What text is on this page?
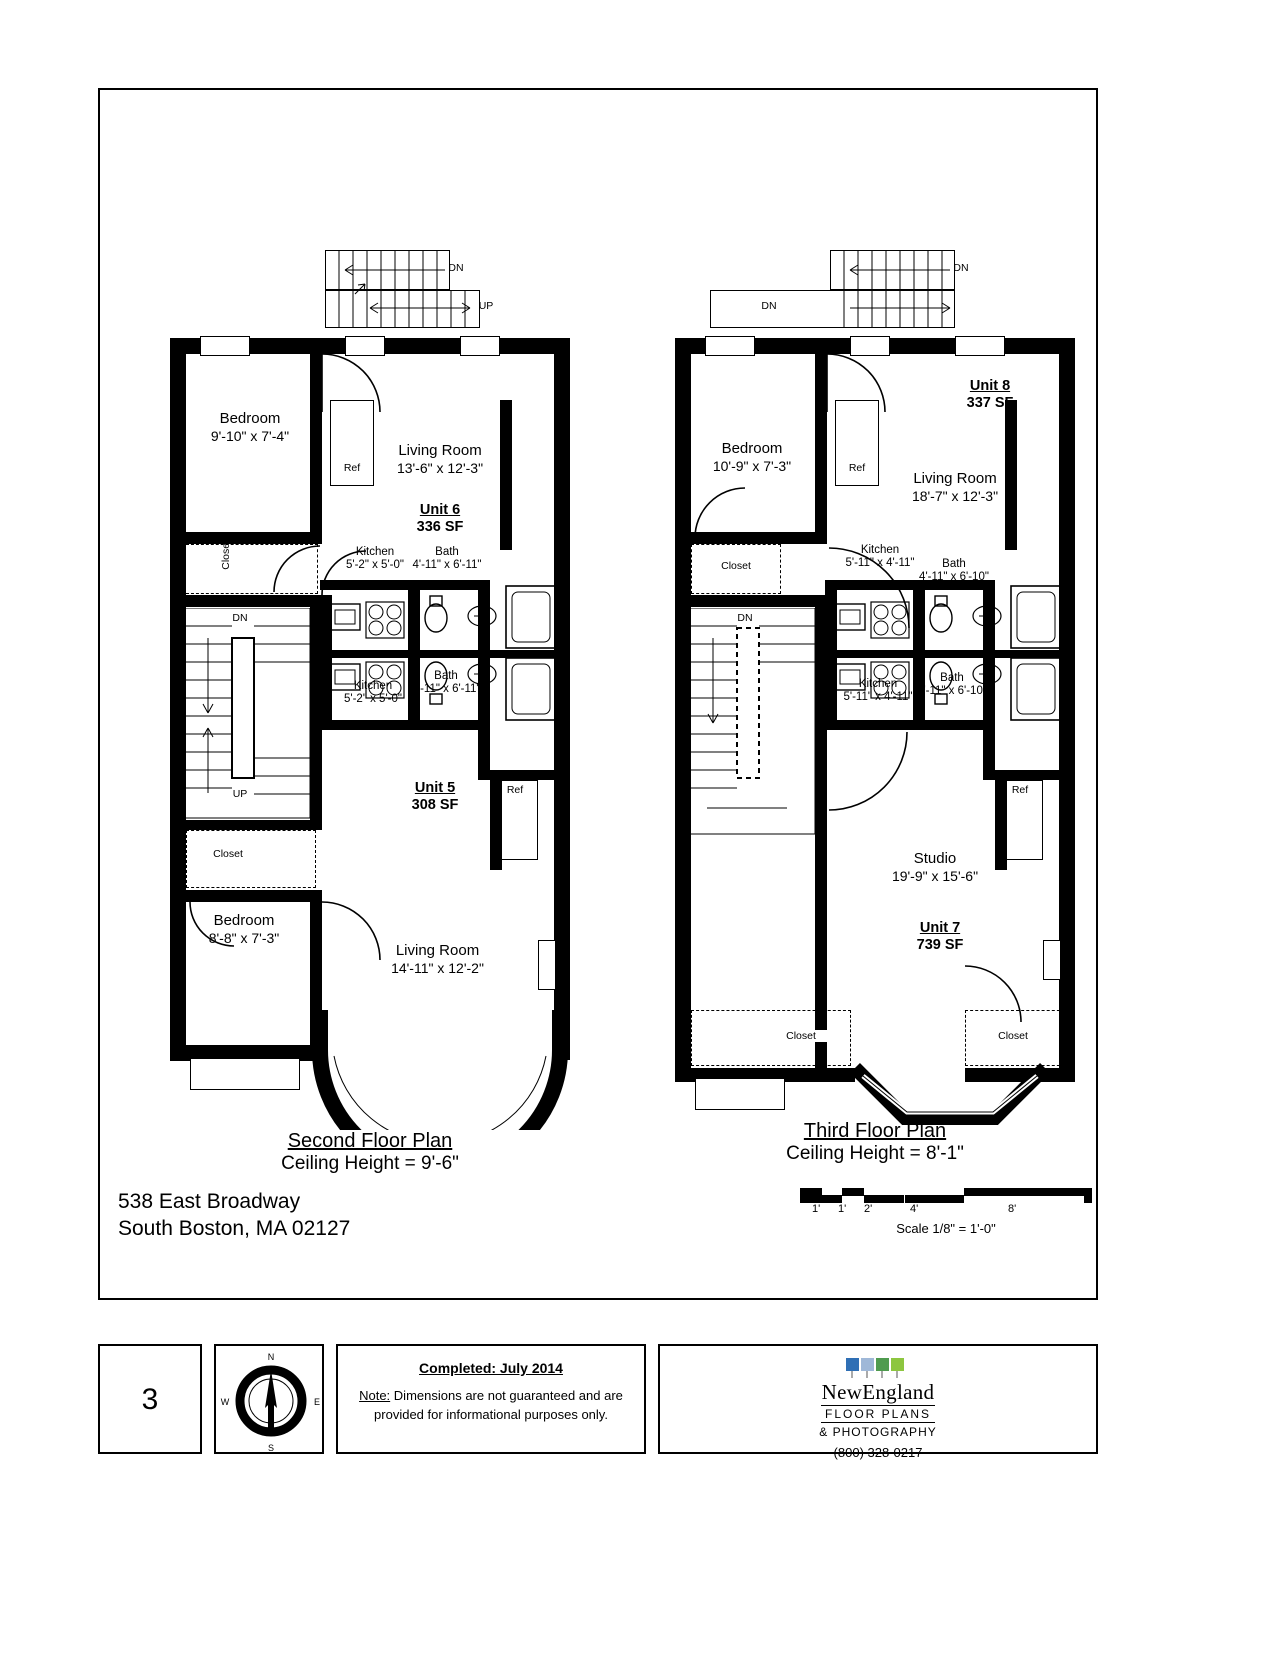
DN
UP
DN
UP
Closet
Closet
Ref
Ref
Bedroom
9'-10" x 7'-4"
Living Room
13'-6" x 12'-3"
Unit 6
336 SF
Kitchen
5'-2" x 5'-0"
Bath
4'-11" x 6'-11"
Kitchen
5'-2" x 5'-0"
Bath
4'-11" x 6'-11"
Unit 5
308 SF
Bedroom
8'-8" x 7'-3"
Living Room
14'-11" x 12'-2"
Second Floor Plan
Ceiling Height = 9'-6"
DN
DN
DN
Closet
Closet	Closet
Ref
Ref
Unit 8
337 SF
Bedroom
10'-9" x 7'-3"
Living Room
18'-7" x 12'-3"
Kitchen
5'-11" x 4'-11"	Bath
4'-11" x 6'-10"
Kitchen
5'-11" x 4'-11"
Bath
4'-11" x 6'-10"
Studio
19'-9" x 15'-6"
Unit 7
739 SF
Third Floor Plan
Ceiling Height = 8'-1"
538 East Broadway
South Boston, MA 02127
1' 1' 2'	4'	8'
Scale 1/8" = 1'-0"
3
N
S
E
W
Completed: July 2014
Note: Dimensions are not guaranteed and are provided for informational purposes only.
NewEngland
FLOOR PLANS
& PHOTOGRAPHY
(800) 328-0217
